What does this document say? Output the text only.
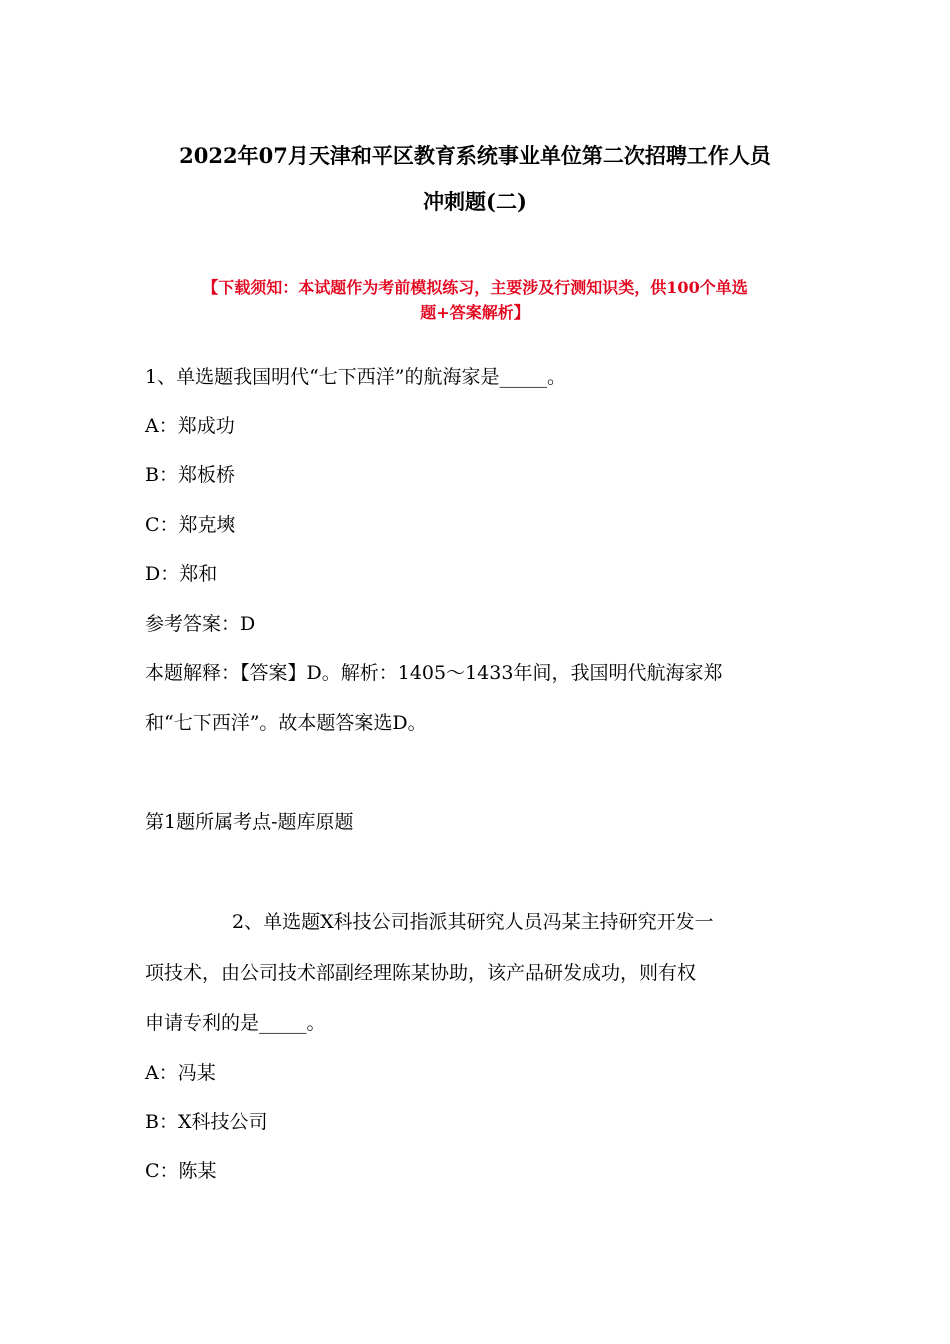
2022年07月天津和平区教育系统事业单位第二次招聘工作人员
冲刺题(二)
【下载须知：本试题作为考前模拟练习，主要涉及行测知识类，供100个单选
题+答案解析】
1、单选题我国明代“七下西洋”的航海家是_____。
A：郑成功
B：郑板桥
C：郑克塽
D：郑和
参考答案：D
本题解释：【答案】D。解析：1405～1433年间，我国明代航海家郑
和“七下西洋”。故本题答案选D。
第1题所属考点-题库原题
2、单选题X科技公司指派其研究人员冯某主持研究开发一
项技术，由公司技术部副经理陈某协助，该产品研发成功，则有权
申请专利的是_____。
A：冯某
B：X科技公司
C：陈某
